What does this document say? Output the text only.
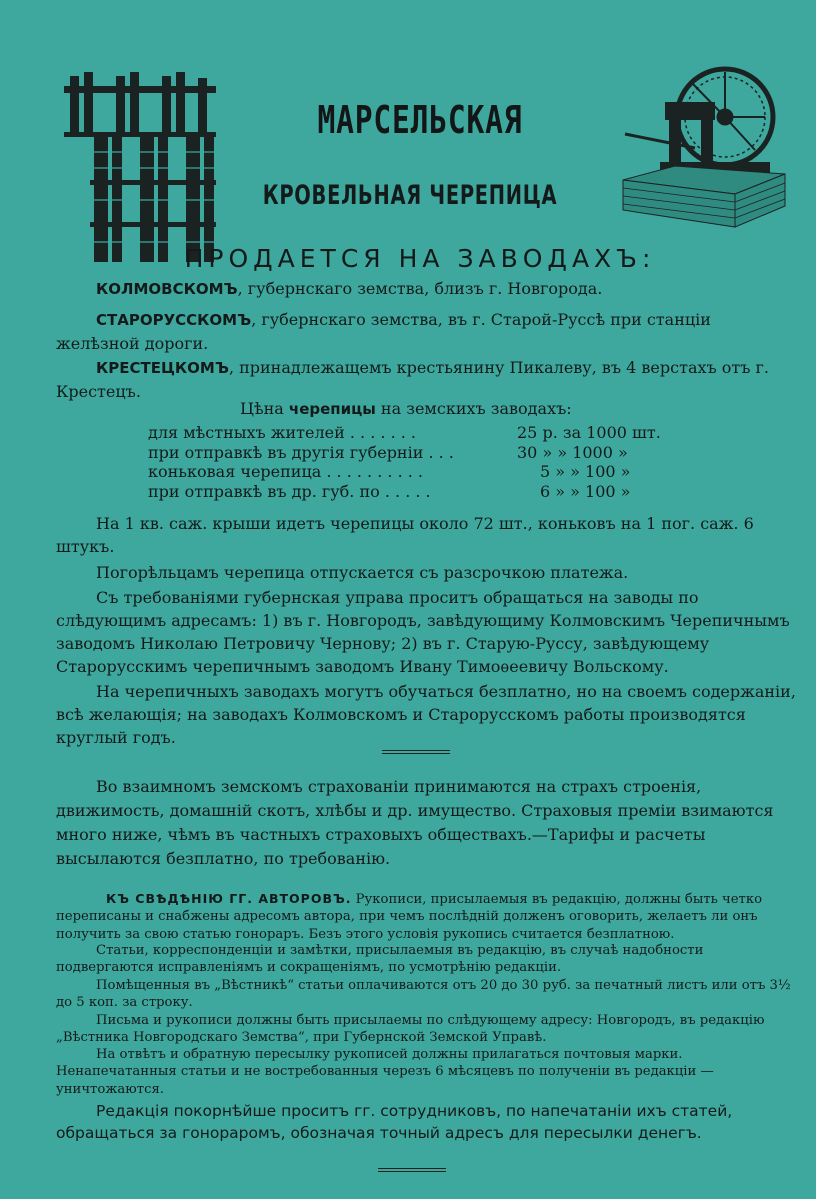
МАРСЕЛЬСКАЯ
КРОВЕЛЬНАЯ ЧЕРЕПИЦА
ПРОДАЕТСЯ НА ЗАВОДАХЪ:
КОЛМОВСКОМЪ, губернскаго земства, близъ г. Новгорода.
СТАРОРУССКОМЪ, губернскаго земства, въ г. Старой-Руссѣ при станціи желѣзной дороги.
КРЕСТЕЦКОМЪ, принадлежащемъ крестьянину Пикалеву, въ 4 верстахъ отъ г. Крестецъ.
Цѣна черепицы на земскихъ заводахъ:
для мѣстныхъ жителей . . . . . . .	25 р. за 1000 шт.
при отправкѣ въ другія губерніи . . .	30 » » 1000 »
коньковая черепица . . . . . . . . . .	5 » » 100 »
при отправкѣ въ др. губ. по . . . . .	6 » » 100 »
На 1 кв. саж. крыши идетъ черепицы около 72 шт., коньковъ на 1 пог. саж. 6 штукъ.
Погорѣльцамъ черепица отпускается съ разсрочкою платежа.
Съ требованіями губернская управа проситъ обращаться на заводы по слѣдующимъ адресамъ: 1) въ г. Новгородъ, завѣдующиму Колмовскимъ Черепичнымъ заводомъ Николаю Петровичу Чернову; 2) въ г. Старую-Руссу, завѣдующему Старорусскимъ черепичнымъ заводомъ Ивану Тимоѳеевичу Вольскому.
На черепичныхъ заводахъ могутъ обучаться безплатно, но на своемъ содержаніи, всѣ желающія; на заводахъ Колмовскомъ и Старорусскомъ работы производятся круглый годъ.
Во взаимномъ земскомъ страхованіи принимаются на страхъ строенія, движимость, домашній скотъ, хлѣбы и др. имущество. Страховыя преміи взимаются много ниже, чѣмъ въ частныхъ страховыхъ обществахъ.—Тарифы и расчеты высылаются безплатно, по требованію.
КЪ СВѢДѢНІЮ ГГ. АВТОРОВЪ. Рукописи, присылаемыя въ редакцію, должны быть четко переписаны и снабжены адресомъ автора, при чемъ послѣдній долженъ оговорить, желаетъ ли онъ получить за свою статью гонораръ. Безъ этого условія рукопись считается безплатною.
Статьи, корреспонденціи и замѣтки, присылаемыя въ редакцію, въ случаѣ надобности подвергаются исправленіямъ и сокращеніямъ, по усмотрѣнію редакціи.
Помѣщенныя въ „Вѣстникѣ“ статьи оплачиваются отъ 20 до 30 руб. за печатный листъ или отъ 3½ до 5 коп. за строку.
Письма и рукописи должны быть присылаемы по слѣдующему адресу: Новгородъ, въ редакцію „Вѣстника Новгородскаго Земства“, при Губернской Земской Управѣ.
На отвѣтъ и обратную пересылку рукописей должны прилагаться почтовыя марки. Ненапечатанныя статьи и не востребованныя черезъ 6 мѣсяцевъ по полученіи въ редакціи —уничтожаются.
Редакція покорнѣйше проситъ гг. сотрудниковъ, по напечатаніи ихъ статей, обращаться за гонораромъ, обозначая точный адресъ для пересылки денегъ.
